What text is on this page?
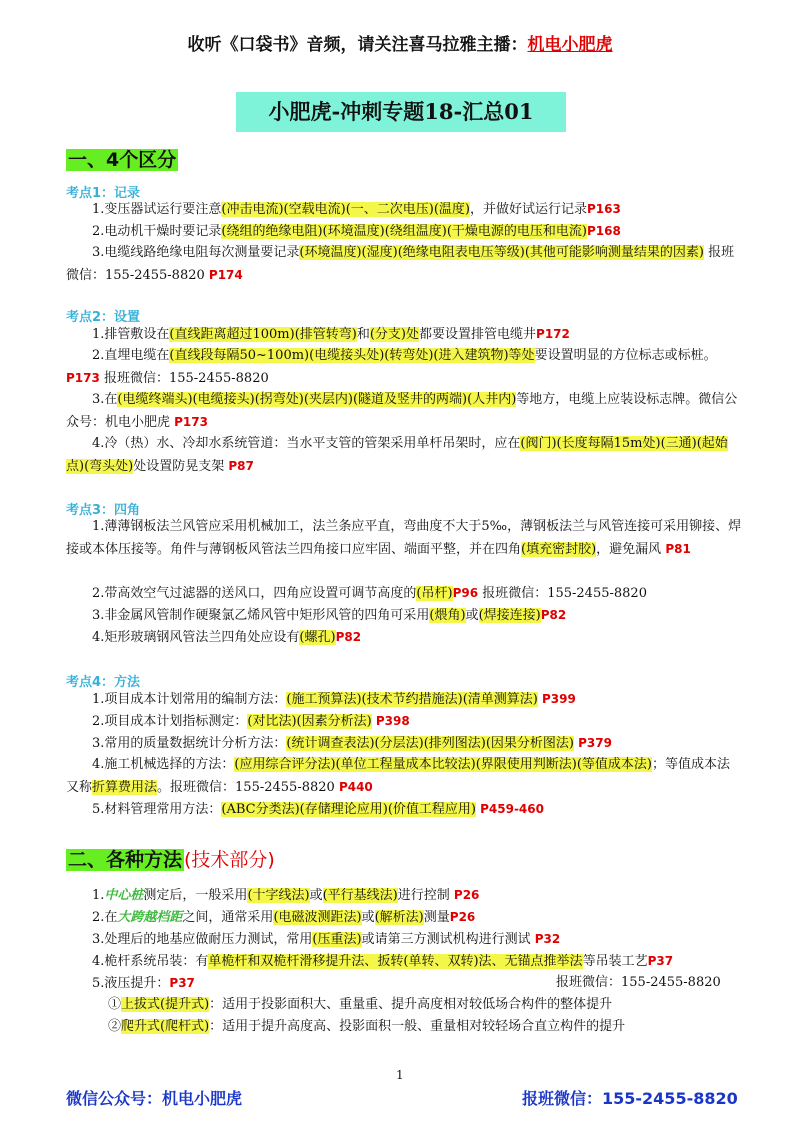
收听《口袋书》音频，请关注喜马拉雅主播：机电小肥虎
小肥虎-冲刺专题18-汇总01
一、4个区分
考点1：记录
1.变压器试运行要注意(冲击电流)(空载电流)(一、二次电压)(温度)，并做好试运行记录P163
2.电动机干燥时要记录(绕组的绝缘电阻)(环境温度)(绕组温度)(干燥电源的电压和电流)P168
3.电缆线路绝缘电阻每次测量要记录(环境温度)(湿度)(绝缘电阻表电压等级)(其他可能影响测量结果的因素) 报班微信：155-2455-8820 P174
考点2：设置
1.排管敷设在(直线距离超过100m)(排管转弯)和(分支)处都要设置排管电缆井P172
2.直埋电缆在(直线段每隔50~100m)(电缆接头处)(转弯处)(进入建筑物)等处要设置明显的方位标志或标桩。P173 报班微信：155-2455-8820
3.在(电缆终端头)(电缆接头)(拐弯处)(夹层内)(隧道及竖井的两端)(人井内)等地方，电缆上应装设标志牌。微信公众号：机电小肥虎 P173
4.冷（热）水、冷却水系统管道：当水平支管的管架采用单杆吊架时，应在(阀门)(长度每隔15m处)(三通)(起始点)(弯头处)处设置防晃支架 P87
考点3：四角
1.薄薄钢板法兰风管应采用机械加工，法兰条应平直，弯曲度不大于5‰，薄钢板法兰与风管连接可采用铆接、焊接或本体压接等。角件与薄钢板风管法兰四角接口应牢固、端面平整，并在四角(填充密封胶)，避免漏风 P81
2.带高效空气过滤器的送风口，四角应设置可调节高度的(吊杆)P96 报班微信：155-2455-8820
3.非金属风管制作硬聚氯乙烯风管中矩形风管的四角可采用(煨角)或(焊接连接)P82
4.矩形玻璃钢风管法兰四角处应设有(螺孔)P82
考点4：方法
1.项目成本计划常用的编制方法：(施工预算法)(技术节约措施法)(清单测算法) P399
2.项目成本计划指标测定：(对比法)(因素分析法) P398
3.常用的质量数据统计分析方法：(统计调查表法)(分层法)(排列图法)(因果分析图法) P379
4.施工机械选择的方法：(应用综合评分法)(单位工程量成本比较法)(界限使用判断法)(等值成本法)；等值成本法又称折算费用法。报班微信：155-2455-8820 P440
5.材料管理常用方法：(ABC分类法)(存储理论应用)(价值工程应用) P459-460
二、各种方法 (技术部分)
1.中心桩测定后，一般采用(十字线法)或(平行基线法)进行控制 P26
2.在大跨越档距之间，通常采用(电磁波测距法)或(解析法)测量P26
3.处理后的地基应做耐压力测试，常用(压重法)或请第三方测试机构进行测试 P32
4.桅杆系统吊装：有单桅杆和双桅杆滑移提升法、扳转(单转、双转)法、无锚点推举法等吊装工艺P37
5.液压提升：P37	报班微信：155-2455-8820
①上拔式(提升式)：适用于投影面积大、重量重、提升高度相对较低场合构件的整体提升
②爬升式(爬杆式)：适用于提升高度高、投影面积一般、重量相对较轻场合直立构件的提升
1
微信公众号：机电小肥虎	报班微信：155-2455-8820
